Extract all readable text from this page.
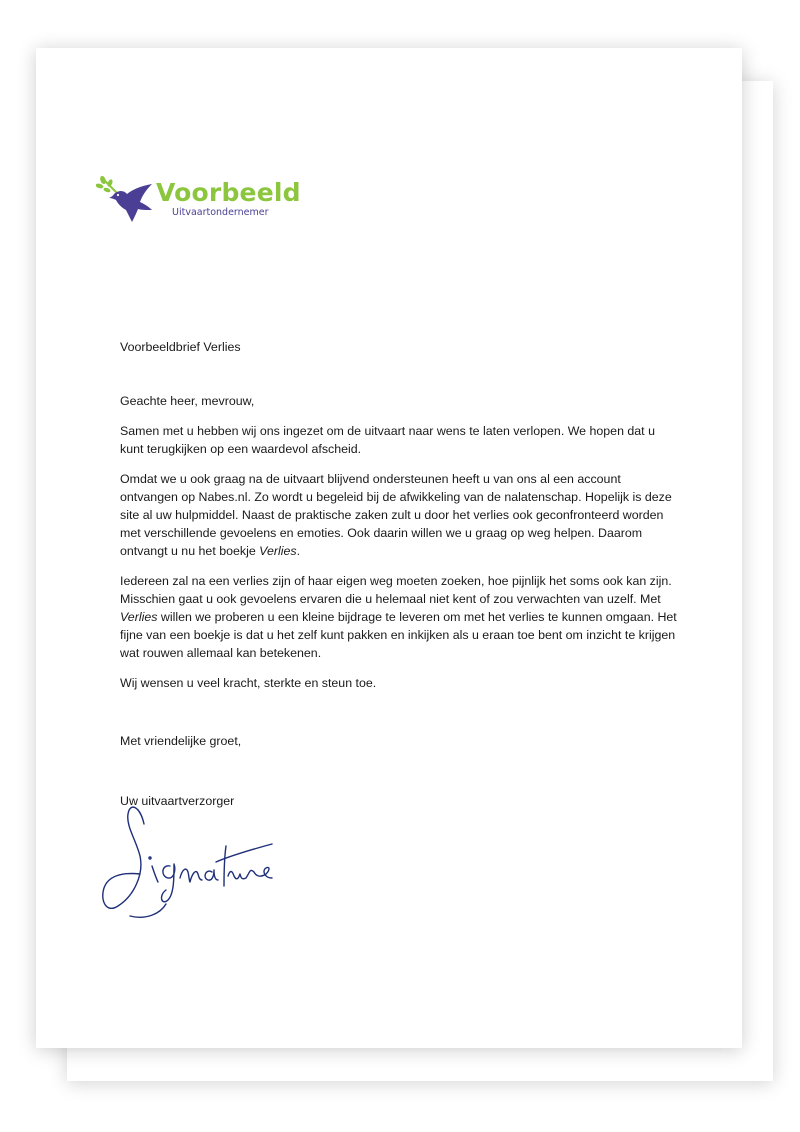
Voorbeeld
Uitvaartondernemer

Voorbeeldbrief Verlies

Geachte heer, mevrouw,

Samen met u hebben wij ons ingezet om de uitvaart naar wens te laten verlopen. We hopen dat u kunt terugkijken op een waardevol afscheid.

Omdat we u ook graag na de uitvaart blijvend ondersteunen heeft u van ons al een account ontvangen op Nabes.nl. Zo wordt u begeleid bij de afwikkeling van de nalatenschap. Hopelijk is deze site al uw hulpmiddel. Naast de praktische zaken zult u door het verlies ook geconfronteerd worden met verschillende gevoelens en emoties. Ook daarin willen we u graag op weg helpen. Daarom ontvangt u nu het boekje Verlies.

Iedereen zal na een verlies zijn of haar eigen weg moeten zoeken, hoe pijnlijk het soms ook kan zijn. Misschien gaat u ook gevoelens ervaren die u helemaal niet kent of zou verwachten van uzelf. Met Verlies willen we proberen u een kleine bijdrage te leveren om met het verlies te kunnen omgaan. Het fijne van een boekje is dat u het zelf kunt pakken en inkijken als u eraan toe bent om inzicht te krijgen wat rouwen allemaal kan betekenen.

Wij wensen u veel kracht, sterkte en steun toe.

Met vriendelijke groet,

Uw uitvaartverzorger
